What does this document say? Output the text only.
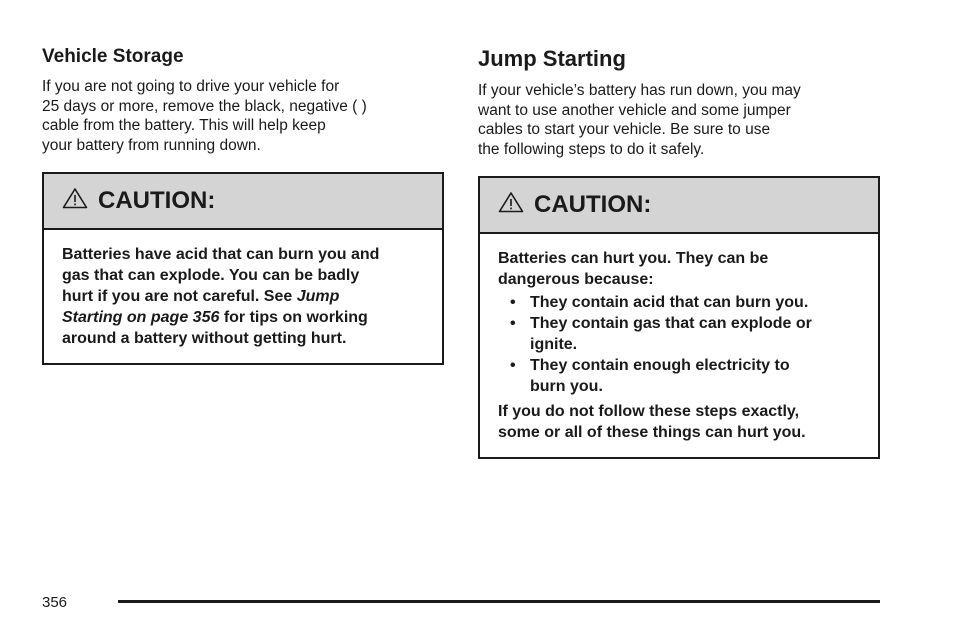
Vehicle Storage

If you are not going to drive your vehicle for
25 days or more, remove the black, negative ( )
cable from the battery. This will help keep
your battery from running down.

CAUTION:

Batteries have acid that can burn you and
gas that can explode. You can be badly
hurt if you are not careful. See Jump
Starting on page 356 for tips on working
around a battery without getting hurt.

Jump Starting

If your vehicle’s battery has run down, you may
want to use another vehicle and some jumper
cables to start your vehicle. Be sure to use
the following steps to do it safely.

CAUTION:

Batteries can hurt you. They can be
dangerous because:

• They contain acid that can burn you.
• They contain gas that can explode or
ignite.
• They contain enough electricity to
burn you.

If you do not follow these steps exactly,
some or all of these things can hurt you.

356
